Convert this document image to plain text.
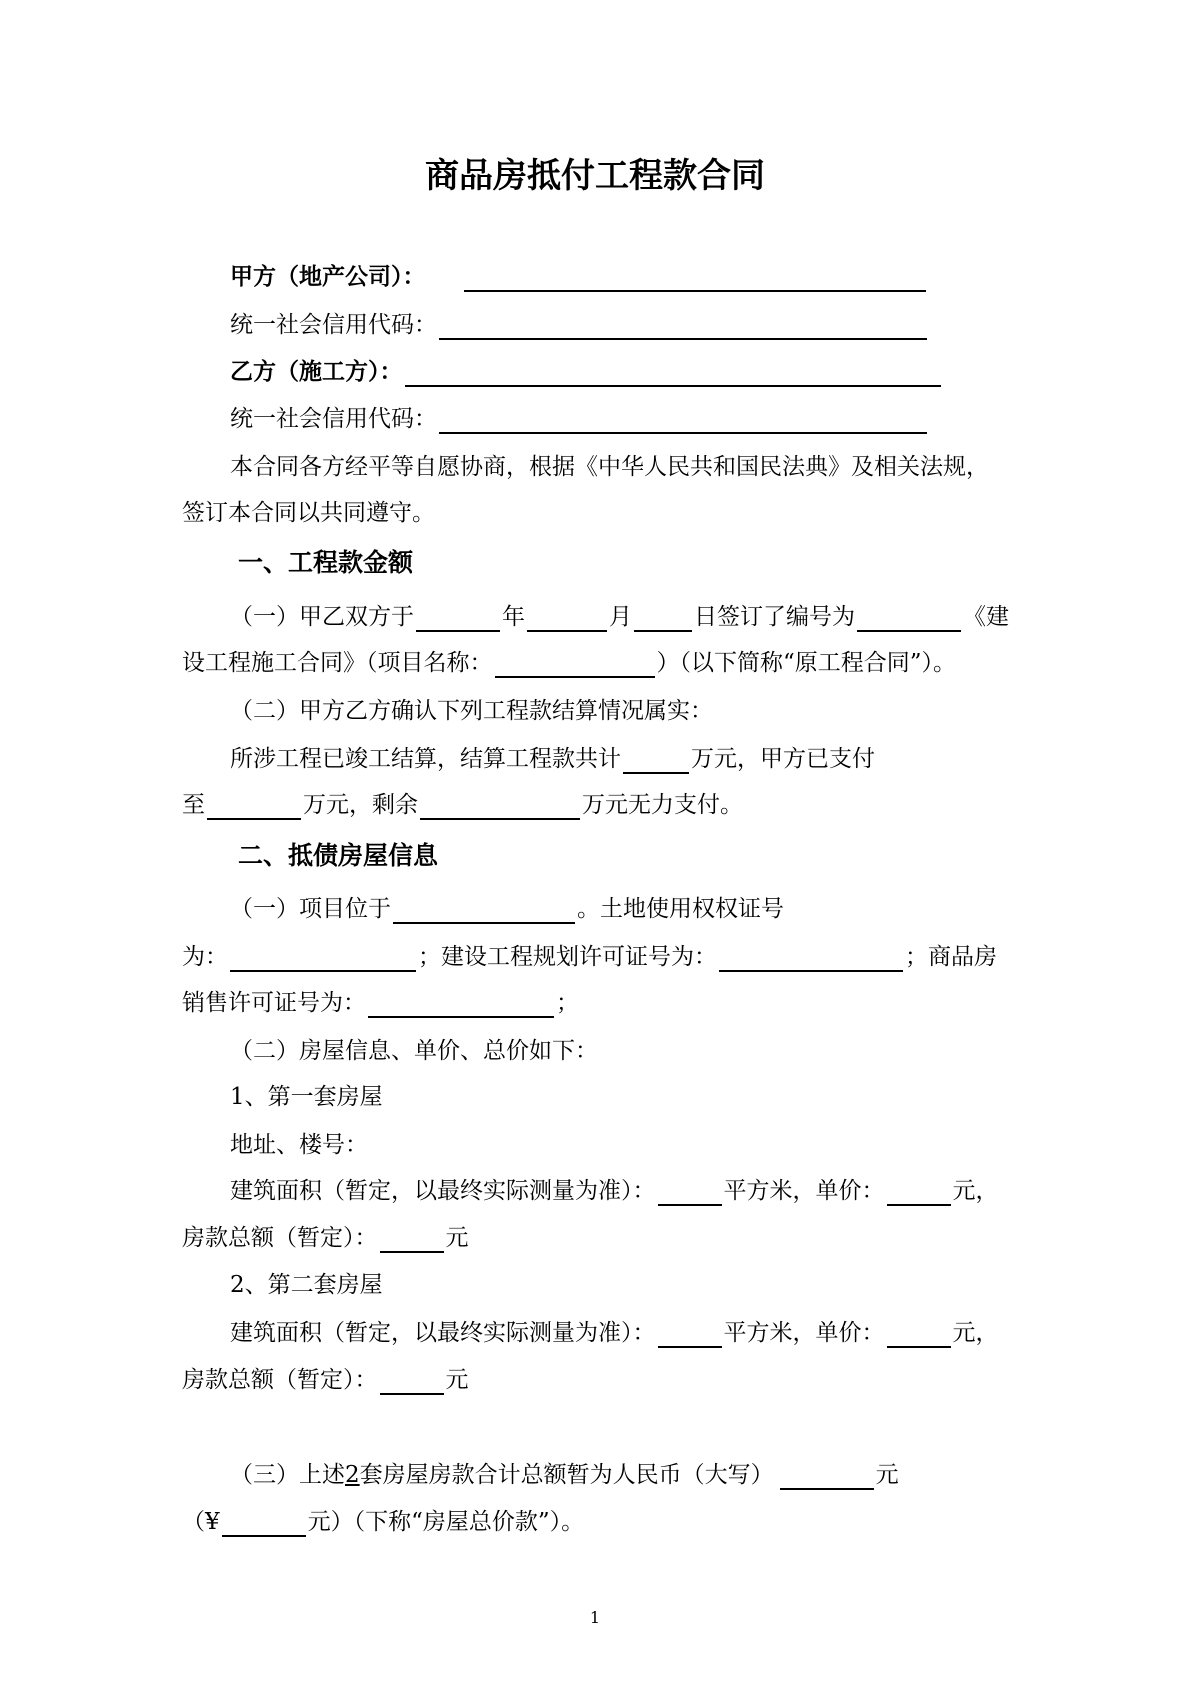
商品房抵付工程款合同
甲方（地产公司）：
统一社会信用代码：
乙方（施工方）：
统一社会信用代码：
本合同各方经平等自愿协商，根据《中华人民共和国民法典》及相关法规，
签订本合同以共同遵守。
一、工程款金额
（一）甲乙双方于	年	月	日签订了编号为	《建
设工程施工合同》（项目名称：	）（以下简称“原工程合同”）。
（二）甲方乙方确认下列工程款结算情况属实：
所涉工程已竣工结算，结算工程款共计	万元，甲方已支付
至	万元，剩余	万元无力支付。
二、抵债房屋信息
（一）项目位于	。土地使用权权证号
为：	；建设工程规划许可证号为：	；商品房
销售许可证号为：	；
（二）房屋信息、单价、总价如下：
1、第一套房屋
地址、楼号：
建筑面积（暂定，以最终实际测量为准）：	平方米，单价：	元，
房款总额（暂定）：	元
2、第二套房屋
建筑面积（暂定，以最终实际测量为准）：	平方米，单价：	元，
房款总额（暂定）：	元
（三）上述 2 套房屋房款合计总额暂为人民币（大写）	元
（¥	元）（下称“房屋总价款”）。
1
